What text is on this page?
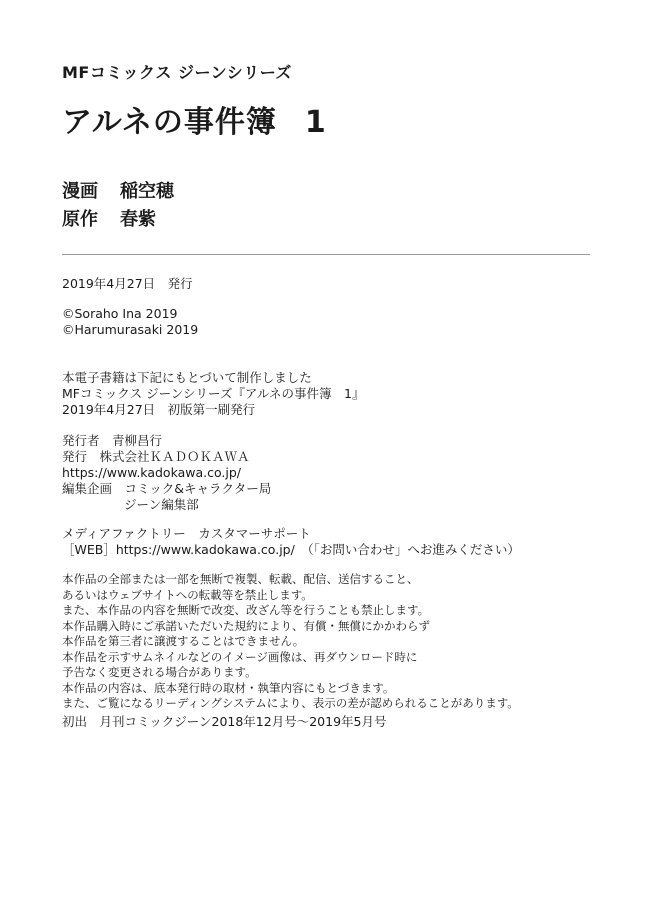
MFコミックス ジーンシリーズ
アルネの事件簿 1
漫画 稲空穂
原作 春紫
2019年4月27日　発行
©Soraho Ina 2019
©Harumurasaki 2019
本電子書籍は下記にもとづいて制作しました
MFコミックス ジーンシリーズ『アルネの事件簿　1』
2019年4月27日　初版第一刷発行
発行者　青柳昌行
発行　株式会社ＫＡＤＯＫＡＷＡ
https://www.kadokawa.co.jp/
編集企画　コミック&キャラクター局
ジーン編集部
メディアファクトリー　カスタマーサポート
［WEB］https://www.kadokawa.co.jp/　（「お問い合わせ」へお進みください）
本作品の全部または一部を無断で複製、転載、配信、送信すること、
あるいはウェブサイトへの転載等を禁止します。
また、本作品の内容を無断で改変、改ざん等を行うことも禁止します。
本作品購入時にご承諾いただいた規約により、有償・無償にかかわらず
本作品を第三者に譲渡することはできません。
本作品を示すサムネイルなどのイメージ画像は、再ダウンロード時に
予告なく変更される場合があります。
本作品の内容は、底本発行時の取材・執筆内容にもとづきます。
また、ご覧になるリーディングシステムにより、表示の差が認められることがあります。
初出　月刊コミックジーン2018年12月号～2019年5月号
